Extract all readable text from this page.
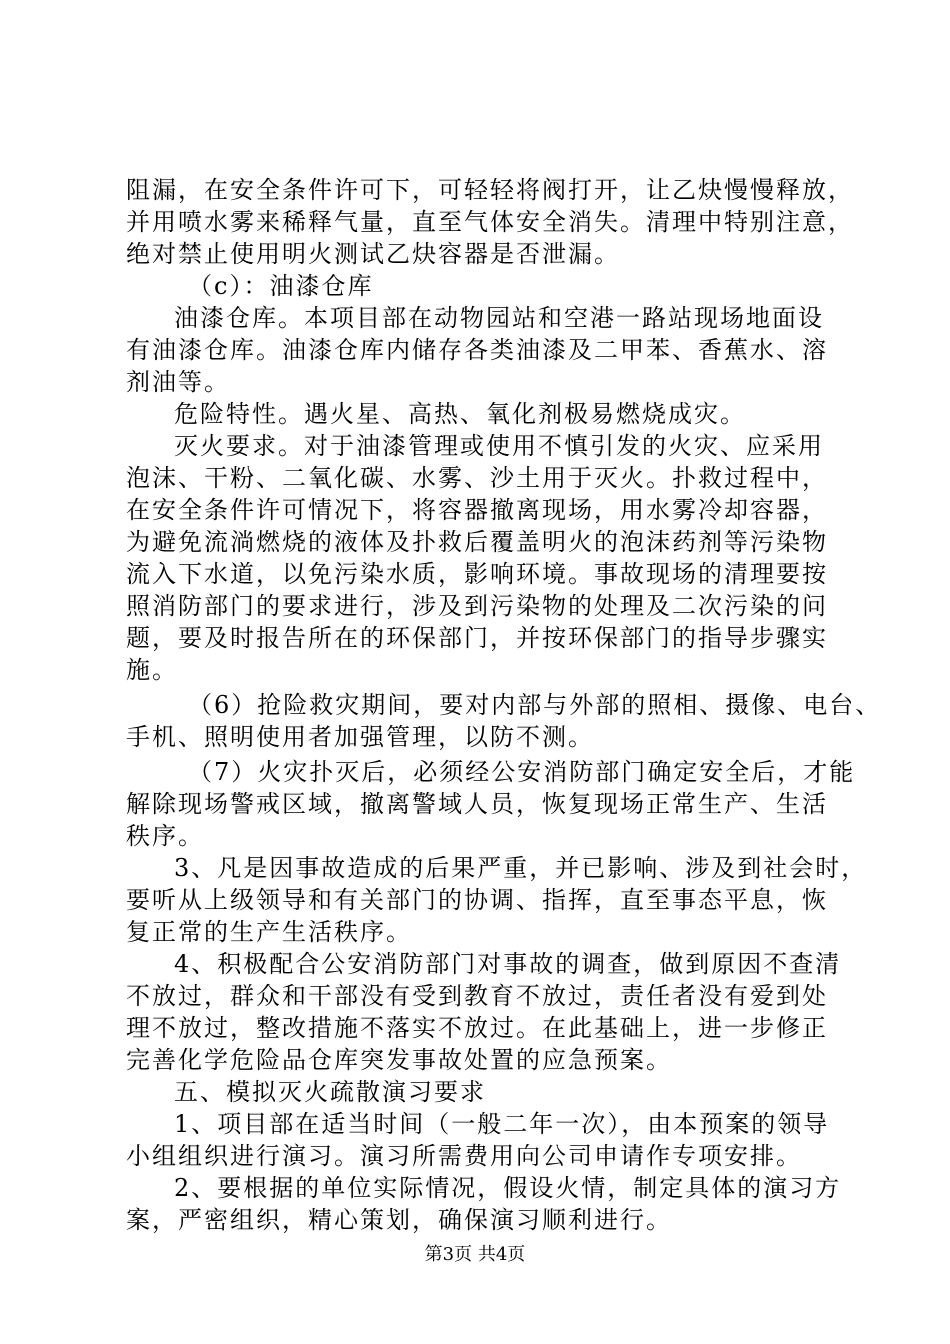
阻漏，在安全条件许可下，可轻轻将阀打开，让乙炔慢慢释放，
并用喷水雾来稀释气量，直至气体安全消失。清理中特别注意，
绝对禁止使用明火测试乙炔容器是否泄漏。
（c）：油漆仓库
油漆仓库。本项目部在动物园站和空港一路站现场地面设
有油漆仓库。油漆仓库内储存各类油漆及二甲苯、香蕉水、溶
剂油等。
危险特性。遇火星、高热、氧化剂极易燃烧成灾。
灭火要求。对于油漆管理或使用不慎引发的火灾、应采用
泡沫、干粉、二氧化碳、水雾、沙土用于灭火。扑救过程中，
在安全条件许可情况下，将容器撤离现场，用水雾冷却容器，
为避免流淌燃烧的液体及扑救后覆盖明火的泡沫药剂等污染物
流入下水道，以免污染水质，影响环境。事故现场的清理要按
照消防部门的要求进行，涉及到污染物的处理及二次污染的问
题，要及时报告所在的环保部门，并按环保部门的指导步骤实
施。
（6）抢险救灾期间，要对内部与外部的照相、摄像、电台、
手机、照明使用者加强管理，以防不测。
（7）火灾扑灭后，必须经公安消防部门确定安全后，才能
解除现场警戒区域，撤离警域人员，恢复现场正常生产、生活
秩序。
3、凡是因事故造成的后果严重，并已影响、涉及到社会时，
要听从上级领导和有关部门的协调、指挥，直至事态平息，恢
复正常的生产生活秩序。
4、积极配合公安消防部门对事故的调查，做到原因不查清
不放过，群众和干部没有受到教育不放过，责任者没有爱到处
理不放过，整改措施不落实不放过。在此基础上，进一步修正
完善化学危险品仓库突发事故处置的应急预案。
五、模拟灭火疏散演习要求
1、项目部在适当时间（一般二年一次），由本预案的领导
小组组织进行演习。演习所需费用向公司申请作专项安排。
2、要根据的单位实际情况，假设火情，制定具体的演习方
案，严密组织，精心策划，确保演习顺利进行。
第3页 共4页
